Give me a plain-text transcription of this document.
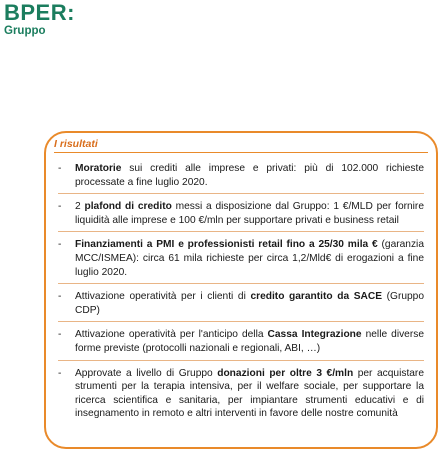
BPER:
Gruppo
I risultati
-	Moratorie sui crediti alle imprese e privati: più di 102.000 richieste processate a fine luglio 2020.
-	2 plafond di credito messi a disposizione dal Gruppo: 1 €/MLD per fornire liquidità alle imprese e 100 €/mln per supportare privati e business retail
-	Finanziamenti a PMI e professionisti retail fino a 25/30 mila € (garanzia MCC/ISMEA): circa 61 mila richieste per circa 1,2/Mld€ di erogazioni a fine luglio 2020.
-	Attivazione operatività per i clienti di credito garantito da SACE (Gruppo CDP)
-	Attivazione operatività per l'anticipo della Cassa Integrazione nelle diverse forme previste (protocolli nazionali e regionali, ABI, …)
-	Approvate a livello di Gruppo donazioni per oltre 3 €/mln per acquistare strumenti per la terapia intensiva, per il welfare sociale, per supportare la ricerca scientifica e sanitaria, per impiantare strumenti educativi e di insegnamento in remoto e altri interventi in favore delle nostre comunità
